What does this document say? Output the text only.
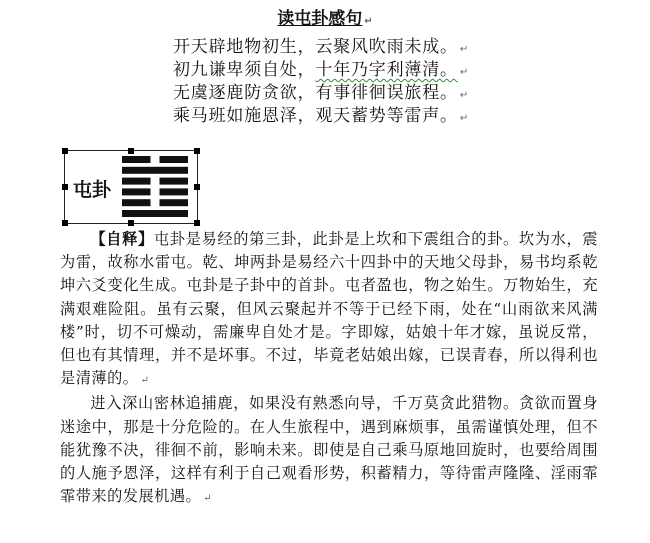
读屯卦感句 ↵
开天辟地物初生，云聚风吹雨未成。 ↵
初九谦卑须自处，十年乃字利薄清。 ↵
无虞逐鹿防贪欲，有事徘徊误旅程。 ↵
乘马班如施恩泽，观天蓄势等雷声。 ↵
屯卦

【自释】屯卦是易经的第三卦，此卦是上坎和下震组合的卦。坎为水，震为雷，故称水雷屯。乾、坤两卦是易经六十四卦中的天地父母卦，易书均系乾坤六爻变化生成。屯卦是子卦中的首卦。屯者盈也，物之始生。万物始生，充满艰难险阻。虽有云聚，但风云聚起并不等于已经下雨，处在“山雨欲来风满楼”时，切不可燥动，需廉卑自处才是。字即嫁，姑娘十年才嫁，虽说反常，但也有其情理，并不是坏事。不过，毕竟老姑娘出嫁，已误青春，所以得利也是清薄的。 ↵

进入深山密林追捕鹿，如果没有熟悉向导，千万莫贪此猎物。贪欲而置身迷途中，那是十分危险的。在人生旅程中，遇到麻烦事，虽需谨慎处理，但不能犹豫不决，徘徊不前，影响未来。即使是自己乘马原地回旋时，也要给周围的人施予恩泽，这样有利于自己观看形势，积蓄精力，等待雷声隆隆、淫雨霏霏带来的发展机遇。 ↵
